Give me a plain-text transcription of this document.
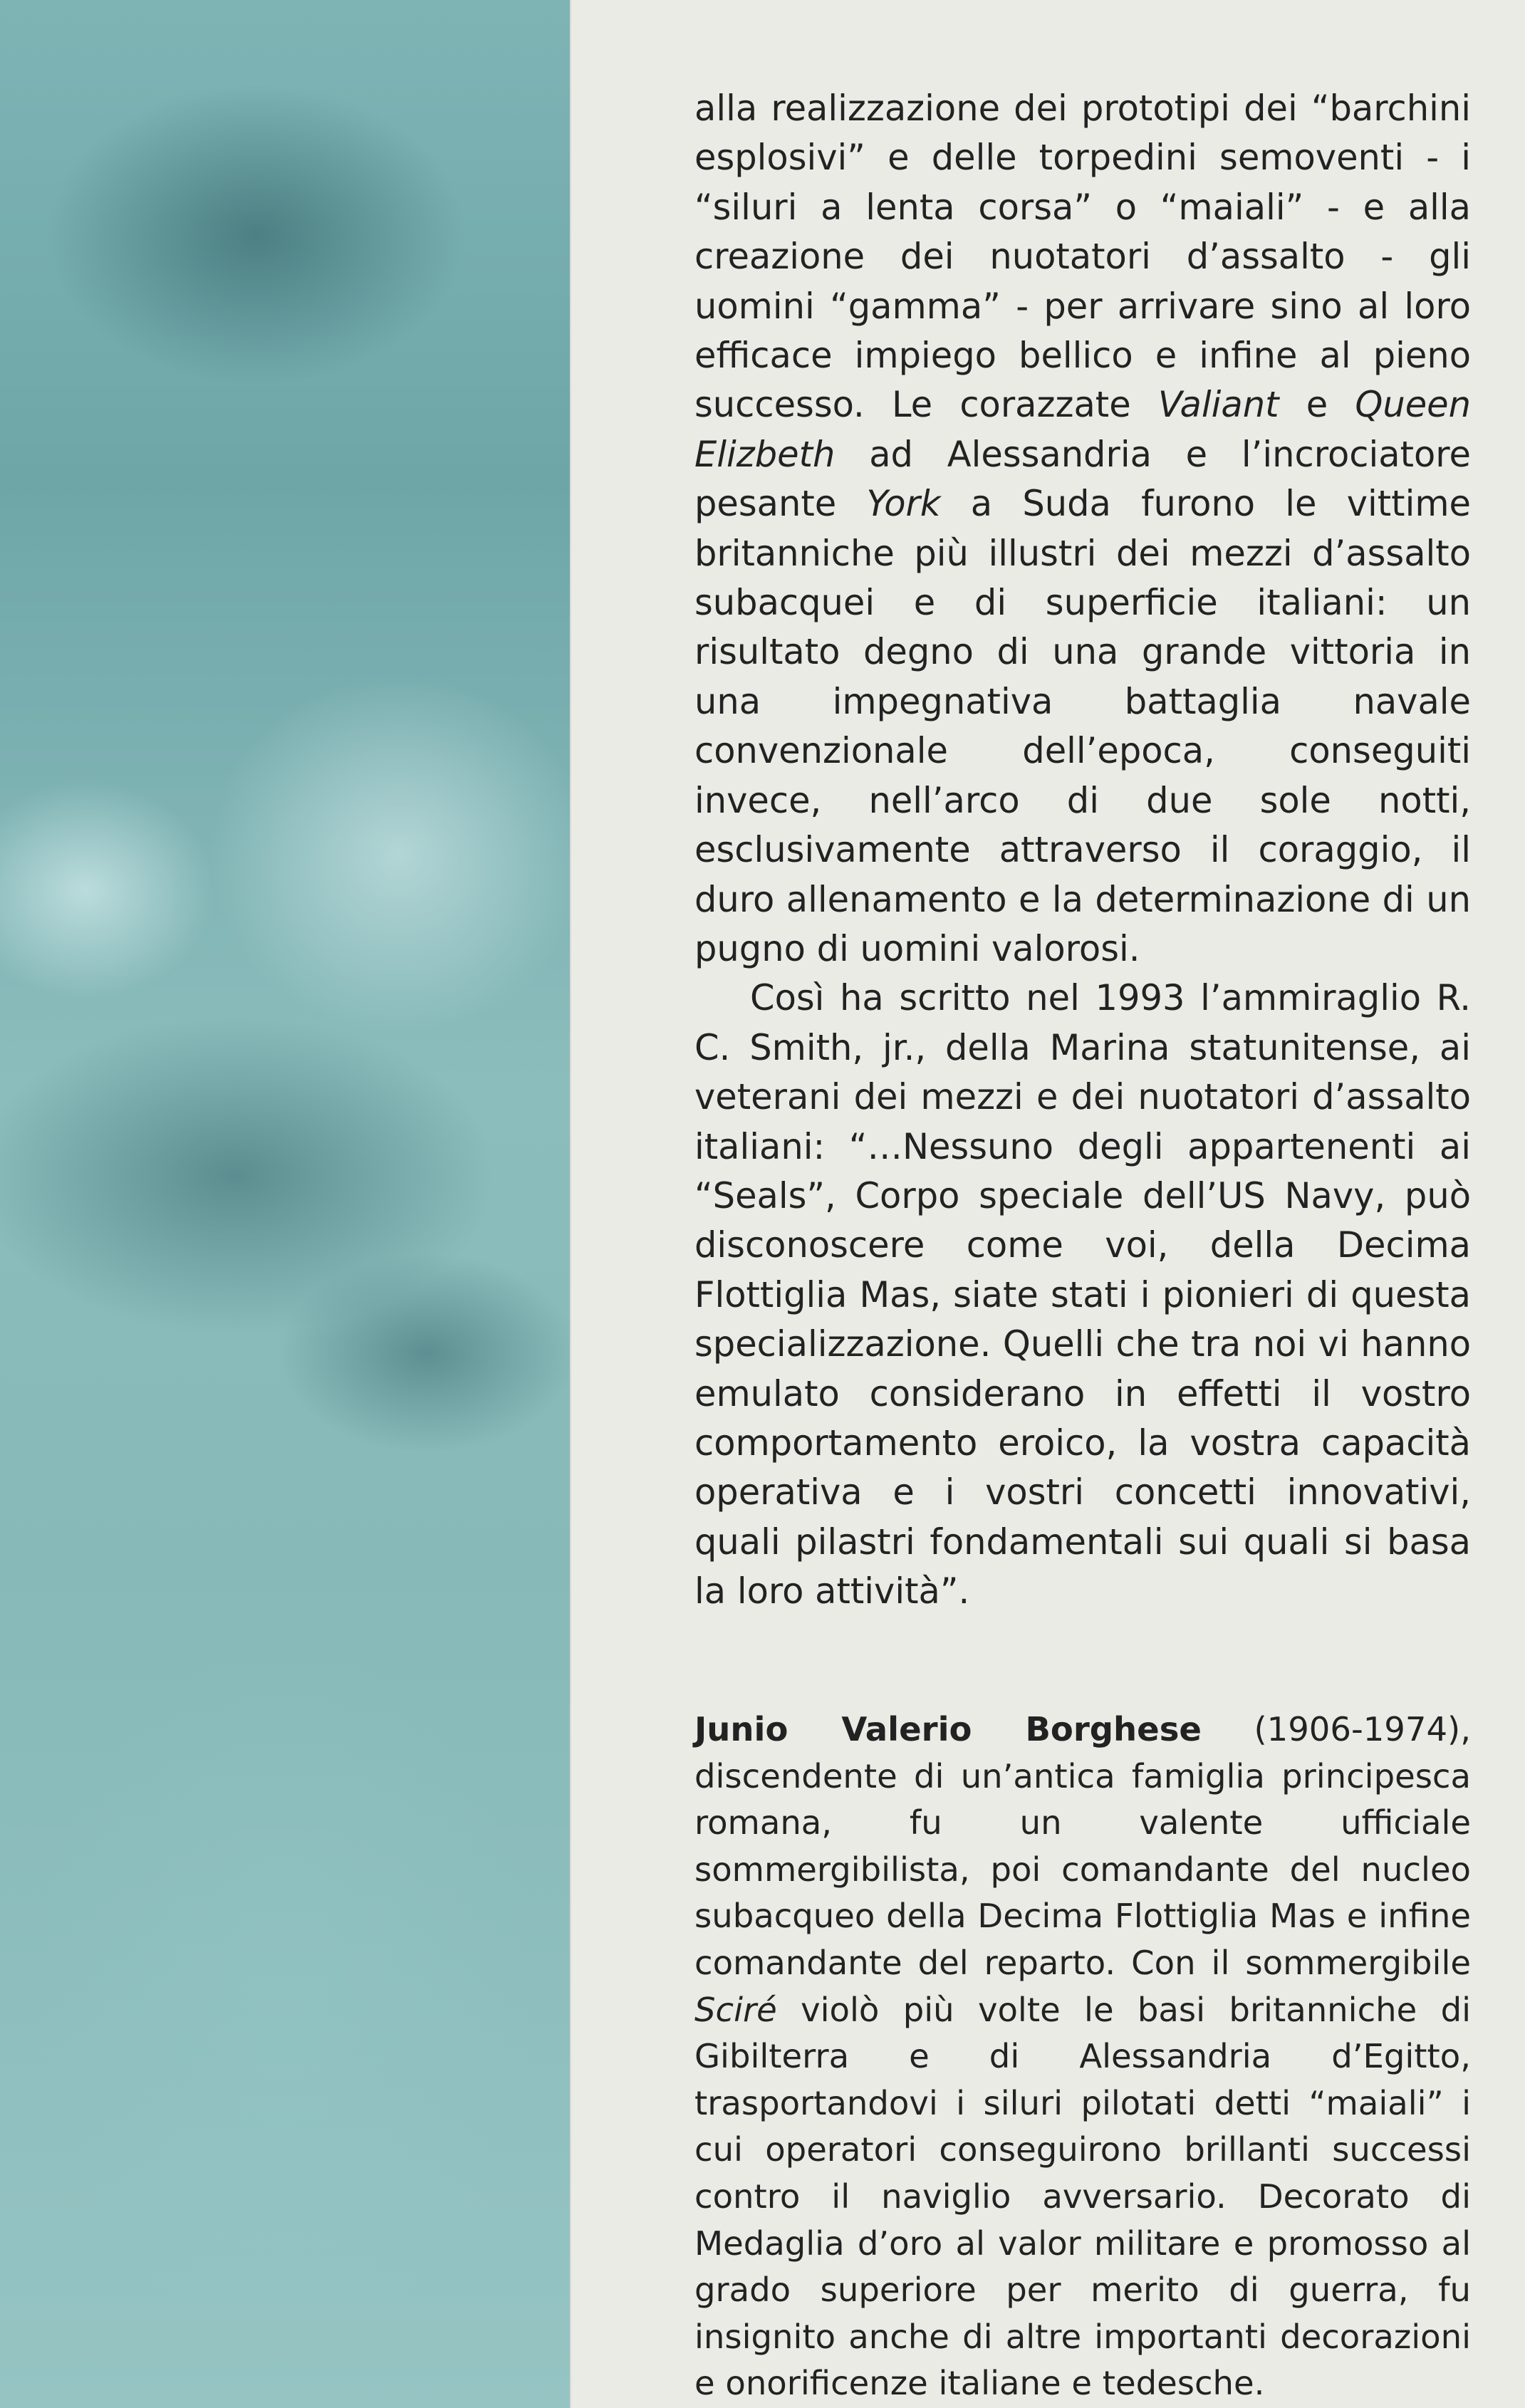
alla realizzazione dei prototipi dei “barchini esplosivi” e delle torpedini semoventi - i “siluri a lenta corsa” o “maiali” - e alla creazione dei nuotatori d’assalto - gli uomini “gamma” - per arrivare sino al loro efficace impiego bellico e infine al pieno successo. Le corazzate Valiant e Queen Elizbeth ad Alessandria e l’incrociatore pesante York a Suda furono le vittime britanniche più illustri dei mezzi d’assalto subacquei e di superficie italiani: un risultato degno di una grande vittoria in una impegnativa battaglia navale convenzionale dell’epoca, conseguiti invece, nell’arco di due sole notti, esclusivamente attraverso il coraggio, il duro allenamento e la determinazione di un pugno di uomini valorosi.

Così ha scritto nel 1993 l’ammiraglio R. C. Smith, jr., della Marina statunitense, ai veterani dei mezzi e dei nuotatori d’assalto italiani: “…Nessuno degli appartenenti ai “Seals”, Corpo speciale dell’US Navy, può disconoscere come voi, della Decima Flottiglia Mas, siate stati i pionieri di questa specializzazione. Quelli che tra noi vi hanno emulato considerano in effetti il vostro comportamento eroico, la vostra capacità operativa e i vostri concetti innovativi, quali pilastri fondamentali sui quali si basa la loro attività”.

Junio Valerio Borghese (1906-1974), discendente di un’antica famiglia principesca romana, fu un valente ufficiale sommergibilista, poi comandante del nucleo subacqueo della Decima Flottiglia Mas e infine comandante del reparto. Con il sommergibile Sciré violò più volte le basi britanniche di Gibilterra e di Alessandria d’Egitto, trasportandovi i siluri pilotati detti “maiali” i cui operatori conseguirono brillanti successi contro il naviglio avversario. Decorato di Medaglia d’oro al valor militare e promosso al grado superiore per merito di guerra, fu insignito anche di altre importanti decorazioni e onorificenze italiane e tedesche.
